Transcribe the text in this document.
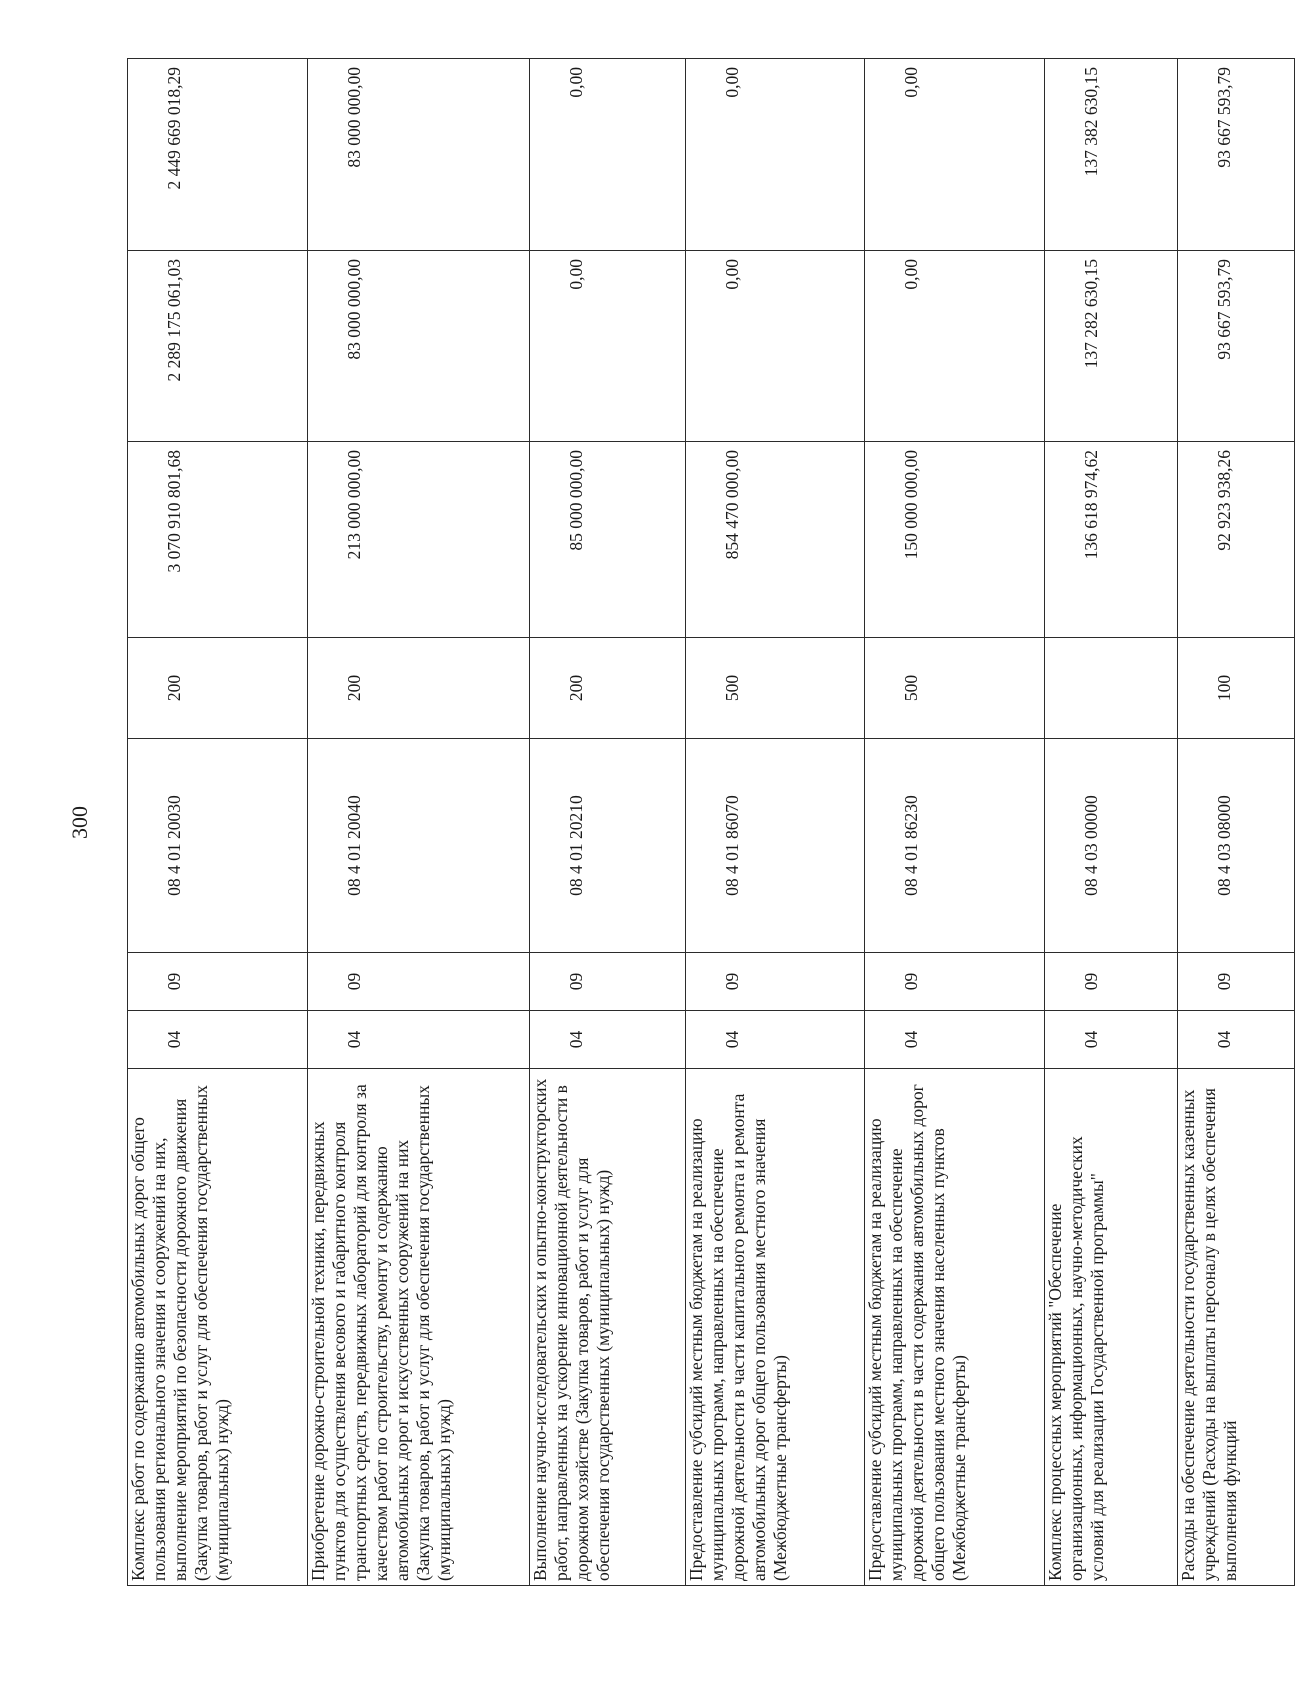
300
Комплекс работ по содержанию автомобильных дорог общего пользования регионального значения и сооружений на них, выполнение мероприятий по безопасности дорожного движения (Закупка товаров, работ и услуг для обеспечения государственных (муниципальных) нужд)	04	09	08 4 01 20030	200	3 070 910 801,68	2 289 175 061,03	2 449 669 018,29
Приобретение дорожно-строительной техники, передвижных пунктов для осуществления весового и габаритного контроля транспортных средств, передвижных лабораторий для контроля за качеством работ по строительству, ремонту и содержанию автомобильных дорог и искусственных сооружений на них (Закупка товаров, работ и услуг для обеспечения государственных (муниципальных) нужд)	04	09	08 4 01 20040	200	213 000 000,00	83 000 000,00	83 000 000,00
Выполнение научно-исследовательских и опытно-конструкторских работ, направленных на ускорение инновационной деятельности в дорожном хозяйстве (Закупка товаров, работ и услуг для обеспечения государственных (муниципальных) нужд)	04	09	08 4 01 20210	200	85 000 000,00	0,00	0,00
Предоставление субсидий местным бюджетам на реализацию муниципальных программ, направленных на обеспечение дорожной деятельности в части капитального ремонта и ремонта автомобильных дорог общего пользования местного значения (Межбюджетные трансферты)	04	09	08 4 01 86070	500	854 470 000,00	0,00	0,00
Предоставление субсидий местным бюджетам на реализацию муниципальных программ, направленных на обеспечение дорожной деятельности в части содержания автомобильных дорог общего пользования местного значения населенных пунктов (Межбюджетные трансферты)	04	09	08 4 01 86230	500	150 000 000,00	0,00	0,00
Комплекс процессных мероприятий "Обеспечение организационных, информационных, научно-методических условий для реализации Государственной программы"	04	09	08 4 03 00000		136 618 974,62	137 282 630,15	137 382 630,15
Расходы на обеспечение деятельности государственных казенных учреждений (Расходы на выплаты персоналу в целях обеспечения выполнения функций	04	09	08 4 03 08000	100	92 923 938,26	93 667 593,79	93 667 593,79
